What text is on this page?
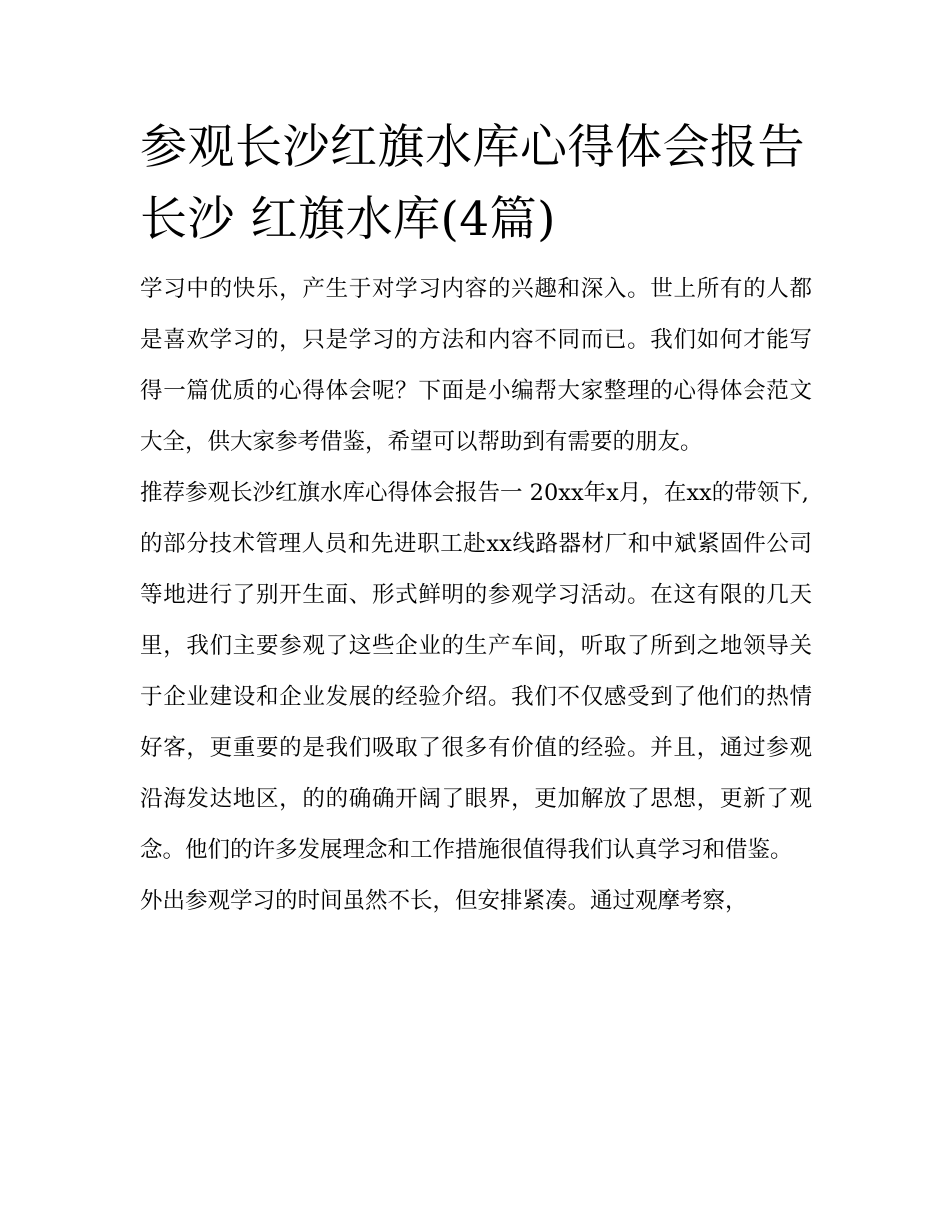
参观长沙红旗水库心得体会报告 长沙 红旗水库(4篇)

学习中的快乐，产生于对学习内容的兴趣和深入。世上所有的人都是喜欢学习的，只是学习的方法和内容不同而已。我们如何才能写得一篇优质的心得体会呢？下面是小编帮大家整理的心得体会范文大全，供大家参考借鉴，希望可以帮助到有需要的朋友。

推荐参观长沙红旗水库心得体会报告一 20xx年x月，在xx的带领下,

的部分技术管理人员和先进职工赴xx线路器材厂和中斌紧固件公司等地进行了别开生面、形式鲜明的参观学习活动。在这有限的几天里，我们主要参观了这些企业的生产车间，听取了所到之地领导关于企业建设和企业发展的经验介绍。我们不仅感受到了他们的热情好客，更重要的是我们吸取了很多有价值的经验。并且，通过参观沿海发达地区，的的确确开阔了眼界，更加解放了思想，更新了观念。他们的许多发展理念和工作措施很值得我们认真学习和借鉴。

外出参观学习的时间虽然不长，但安排紧凑。通过观摩考察，
